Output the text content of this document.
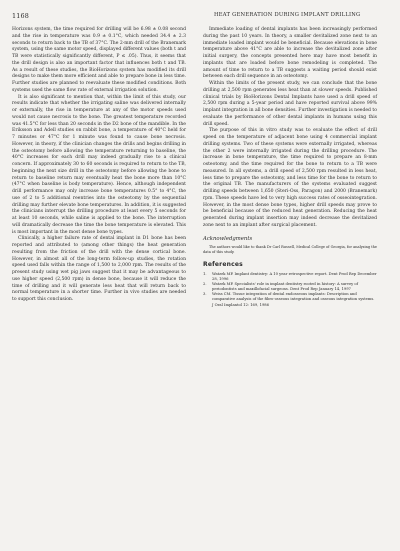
1168	HEAT GENERATION DURING IMPLANT DRILLING

Horizons system, the time required for drilling will be 6.98 ± 0.08 second and the rise in temperature was 0.9 ± 0.1°C, which needed 34.4 ± 2.3 seconds to return back to the TB of 37°C. The 2-mm drill of the Branemark system, using the same motor speed, displayed different values (both t and TB were statistically significantly different, P ≤ .05). Thus, it seems that the drill design is also an important factor that influences both t and TB. As a result of these studies, the BioHorizons system has modified its drill designs to make them more efficient and able to prepare bone in less time. Further studies are planned to reevaluate these modified conditions. Both systems used the same flow rate of external irrigation solution.

It is also significant to mention that, within the limit of this study, our results indicate that whether the irrigating saline was delivered internally or externally, the rise in temperature at any of the motor speeds used would not cause necrosis to the bone. The greatest temperature recorded was 41.5°C for less than 20 seconds in the D2 bone of the mandible. In the Eriksson and Adell studies on rabbit bone, a temperature of 40°C held for 7 minutes or 47°C for 1 minute was found to cause bone necrosis. However, in theory, if the clinician changes the drills and begins drilling in the osteotomy before allowing the temperature returning to baseline, the 40°C increases for each drill may indeed gradually rise to a clinical concern. If approximately 30 to 60 seconds is required to return to the TB, beginning the next size drill in the osteotomy before allowing the bone to return to baseline return may eventually heat the bone more than 10°C (47°C when baseline is body temperature). Hence, although independent drill performance may only increase bone temperatures 0.5° to 4°C, the use of 2 to 5 additional reentries into the osteotomy by the sequential drilling may further elevate bone temperatures. In addition, it is suggested the clinicians interrupt the drilling procedure at least every 5 seconds for at least 10 seconds, while saline is applied to the bone. The interruption will dramatically decrease the time the bone temperature is elevated. This is most important in the most dense bone types.

Clinically, a higher failure rate of dental implant in D1 bone has been reported and attributed to (among other things) the heat generation resulting from the friction of the drill with the dense cortical bone. However, in almost all of the long-term follow-up studies, the rotation speed used falls within the range of 1,500 to 2,000 rpm. The results of the present study using wet pig jaws suggest that it may be advantageous to use higher speed (2,500 rpm) in dense bone, because it will reduce the time of drilling and it will generate less heat that will return back to normal temperature in a shorter time. Further in vivo studies are needed to support this conclusion.

Immediate loading of dental implants has been increasingly performed during the past 10 years. In theory, a smaller devitalized zone next to an immediate loaded implant would be beneficial. Because elevations in bone temperature above 41°C are able to increase the devitalized zone after initial surgery, the concepts presented here may have most benefit in implants that are loaded before bone remodeling is completed. The amount of time to return to a TB suggests a waiting period should exist between each drill sequence in an osteotomy.

Within the limits of the present study, we can conclude that the bone drilling at 2,500 rpm generates less heat than at slower speeds. Published clinical trials by BioHorizons Dental Implants have used a drill speed of 2,500 rpm during a 5-year period and have reported survival above 99% implant integration in all bone densities. Further investigation is needed to evaluate the performance of other dental implants in humans using this drill speed.

The purpose of this in vitro study was to evaluate the effect of drill speed on the temperature of adjacent bone using 4 commercial implant drilling systems. Two of these systems were externally irrigated, whereas the other 2 were internally irrigated during the drilling procedure. The increase in bone temperature, the time required to prepare an 8-mm osteotomy, and the time required for the bone to return to a TB were measured. In all systems, a drill speed of 2,500 rpm resulted in less heat, less time to prepare the osteotomy, and less time for the bone to return to the original TB. The manufacturers of the systems evaluated suggest drilling speeds between 1,650 (Steri-Oss, Paragon) and 2000 (Branemark) rpm. These speeds have led to very high success rates of osseointegration. However, in the most dense bone types, higher drill speeds may prove to be beneficial because of the reduced heat generation. Reducing the heat generated during implant insertion may indeed decrease the devitalized zone next to an implant after surgical placement.

Acknowledgments

The authors would like to thank Dr Carl Russell, Medical College of Georgia, for analyzing the data of this study.

References
1.	Watzek MP. Implant dentistry: A 10 year retrospective report. Dent Prod Rep December 28, 1996
2.	Watzek MP. Specialists' role in implant dentistry rooted in history: A survey of periodontists and maxillofacial surgeons. Dent Prod Rep January 14, 1997
3.	Weiss CM. Tissue integration of dental endosseous implants: Description and comparative analysis of the fibro-osseous integration and osseous integration systems. J Oral Implantol 12: 169, 1986
